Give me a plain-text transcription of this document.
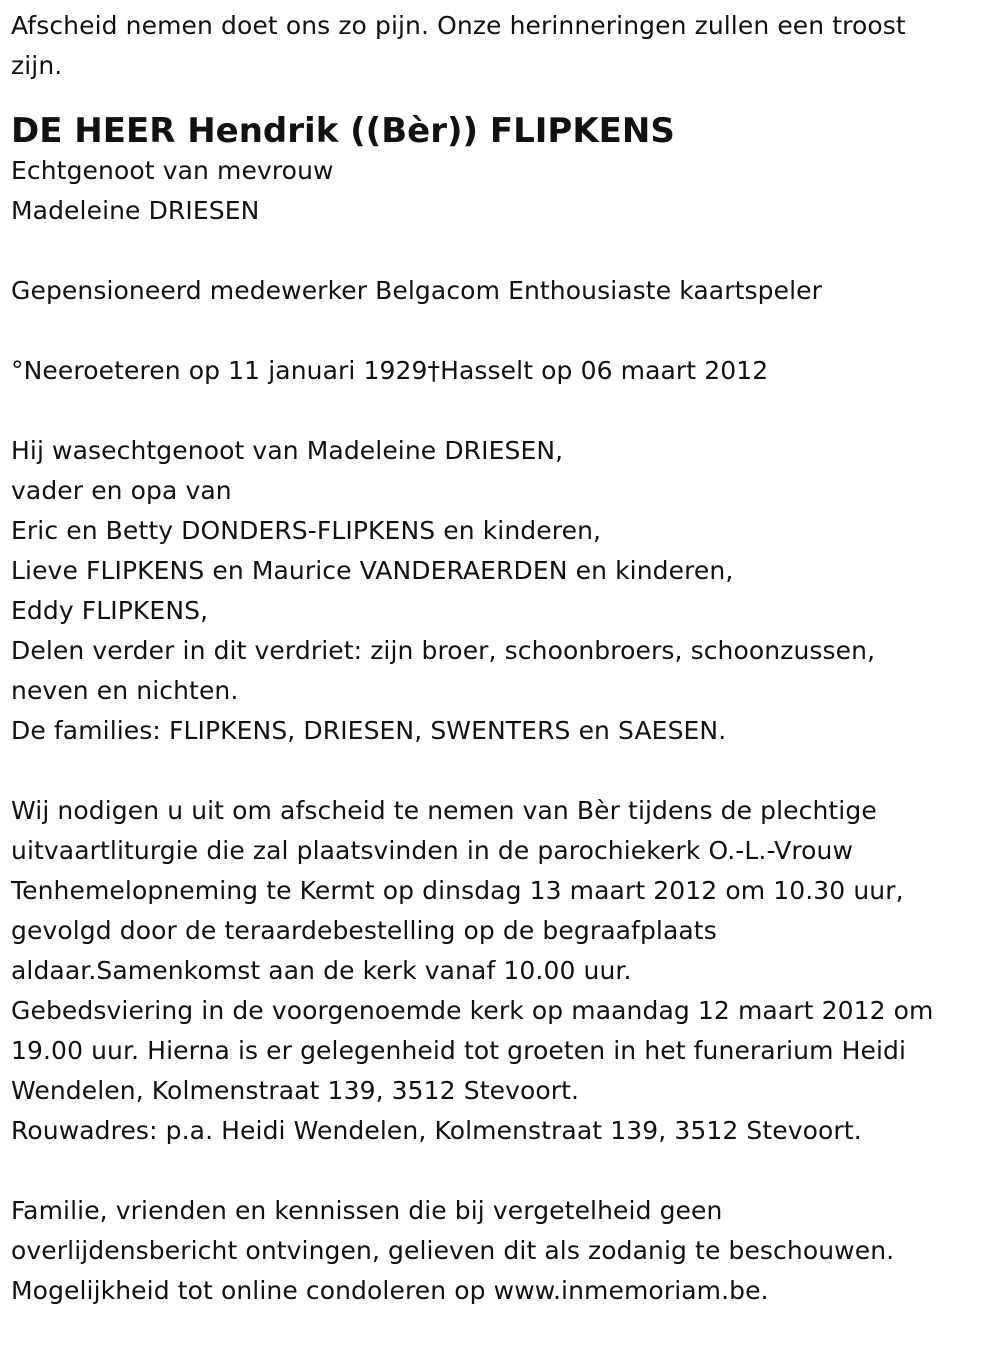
Afscheid nemen doet ons zo pijn. Onze herinneringen zullen een troost
zijn.
DE HEER Hendrik ((Bèr)) FLIPKENS
Echtgenoot van mevrouw
Madeleine DRIESEN
Gepensioneerd medewerker Belgacom Enthousiaste kaartspeler
°Neeroeteren op 11 januari 1929†Hasselt op 06 maart 2012
Hij wasechtgenoot van Madeleine DRIESEN,
vader en opa van
Eric en Betty DONDERS-FLIPKENS en kinderen,
Lieve FLIPKENS en Maurice VANDERAERDEN en kinderen,
Eddy FLIPKENS,
Delen verder in dit verdriet: zijn broer, schoonbroers, schoonzussen,
neven en nichten.
De families: FLIPKENS, DRIESEN, SWENTERS en SAESEN.
Wij nodigen u uit om afscheid te nemen van Bèr tijdens de plechtige
uitvaartliturgie die zal plaatsvinden in de parochiekerk O.-L.-Vrouw
Tenhemelopneming te Kermt op dinsdag 13 maart 2012 om 10.30 uur,
gevolgd door de teraardebestelling op de begraafplaats
aldaar.Samenkomst aan de kerk vanaf 10.00 uur.
Gebedsviering in de voorgenoemde kerk op maandag 12 maart 2012 om
19.00 uur. Hierna is er gelegenheid tot groeten in het funerarium Heidi
Wendelen, Kolmenstraat 139, 3512 Stevoort.
Rouwadres: p.a. Heidi Wendelen, Kolmenstraat 139, 3512 Stevoort.
Familie, vrienden en kennissen die bij vergetelheid geen
overlijdensbericht ontvingen, gelieven dit als zodanig te beschouwen.
Mogelijkheid tot online condoleren op www.inmemoriam.be.
